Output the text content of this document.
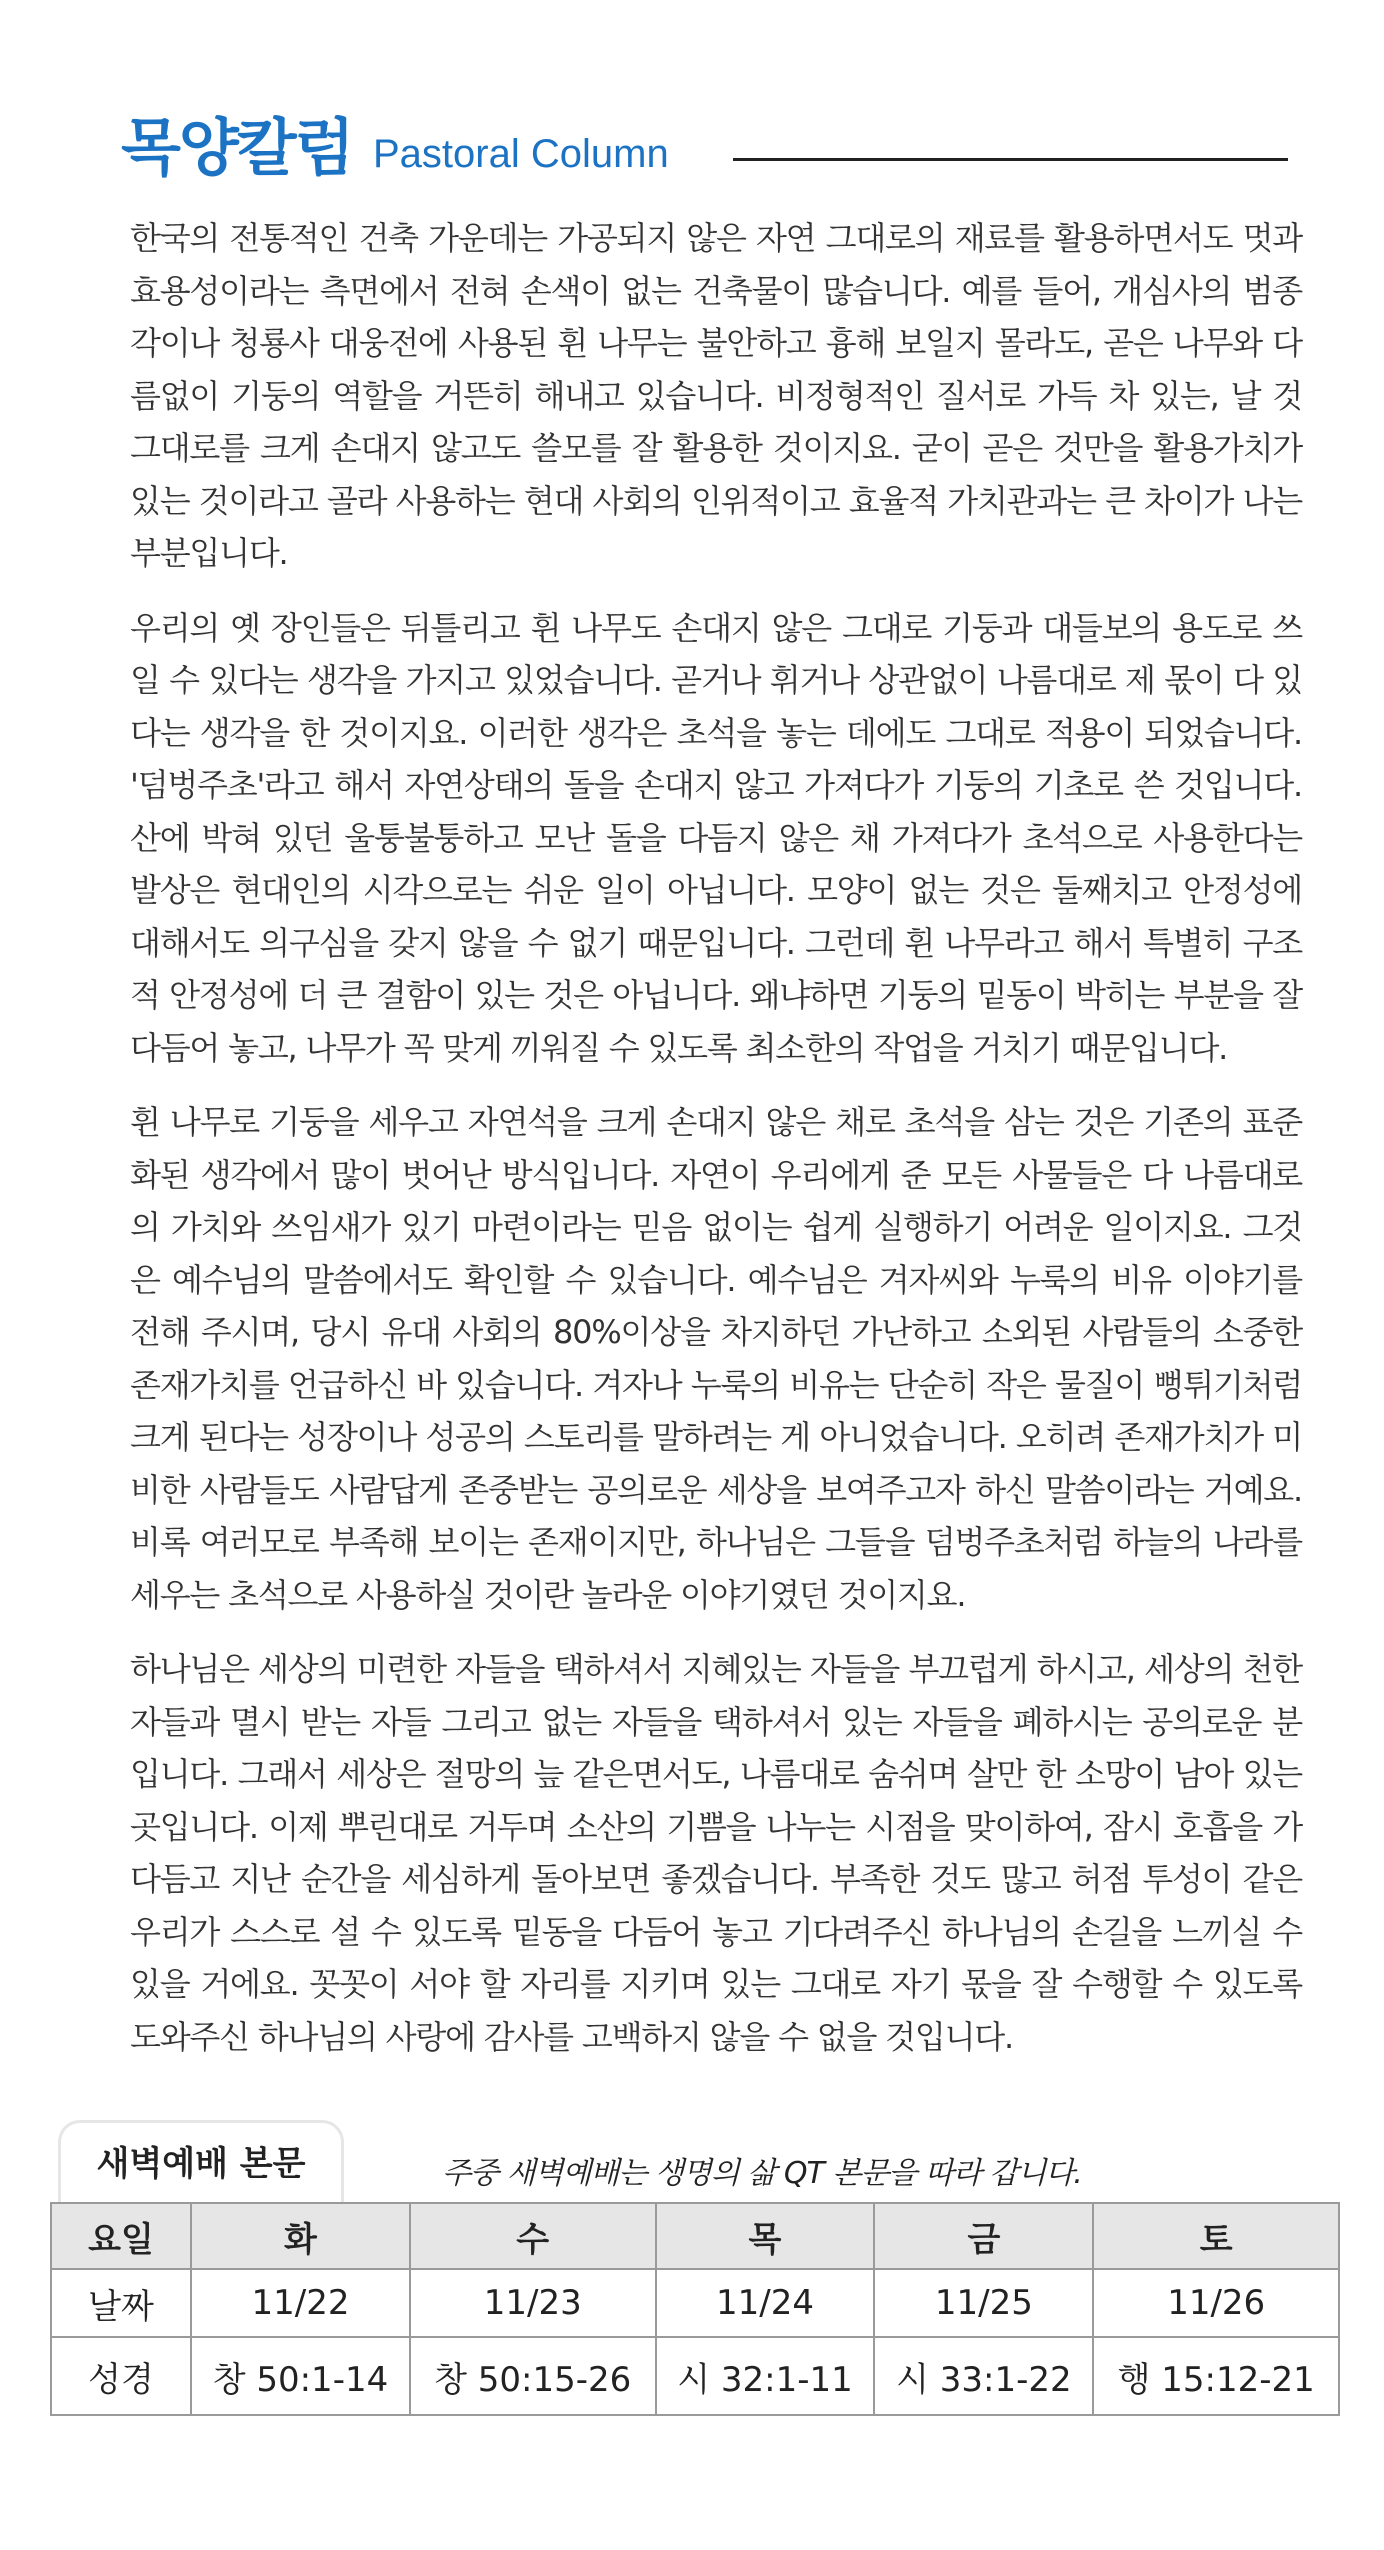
목양칼럼 Pastoral Column

한국의 전통적인 건축 가운데는 가공되지 않은 자연 그대로의 재료를 활용하면서도 멋과 효용성이라는 측면에서 전혀 손색이 없는 건축물이 많습니다. 예를 들어, 개심사의 범종각이나 청룡사 대웅전에 사용된 휜 나무는 불안하고 흉해 보일지 몰라도, 곧은 나무와 다름없이 기둥의 역할을 거뜬히 해내고 있습니다. 비정형적인 질서로 가득 차 있는, 날 것 그대로를 크게 손대지 않고도 쓸모를 잘 활용한 것이지요. 굳이 곧은 것만을 활용가치가 있는 것이라고 골라 사용하는 현대 사회의 인위적이고 효율적 가치관과는 큰 차이가 나는 부분입니다.

우리의 옛 장인들은 뒤틀리고 휜 나무도 손대지 않은 그대로 기둥과 대들보의 용도로 쓰일 수 있다는 생각을 가지고 있었습니다. 곧거나 휘거나 상관없이 나름대로 제 몫이 다 있다는 생각을 한 것이지요. 이러한 생각은 초석을 놓는 데에도 그대로 적용이 되었습니다. '덤벙주초'라고 해서 자연상태의 돌을 손대지 않고 가져다가 기둥의 기초로 쓴 것입니다. 산에 박혀 있던 울퉁불퉁하고 모난 돌을 다듬지 않은 채 가져다가 초석으로 사용한다는 발상은 현대인의 시각으로는 쉬운 일이 아닙니다. 모양이 없는 것은 둘째치고 안정성에 대해서도 의구심을 갖지 않을 수 없기 때문입니다. 그런데 휜 나무라고 해서 특별히 구조적 안정성에 더 큰 결함이 있는 것은 아닙니다. 왜냐하면 기둥의 밑동이 박히는 부분을 잘 다듬어 놓고, 나무가 꼭 맞게 끼워질 수 있도록 최소한의 작업을 거치기 때문입니다.

휜 나무로 기둥을 세우고 자연석을 크게 손대지 않은 채로 초석을 삼는 것은 기존의 표준화된 생각에서 많이 벗어난 방식입니다. 자연이 우리에게 준 모든 사물들은 다 나름대로의 가치와 쓰임새가 있기 마련이라는 믿음 없이는 쉽게 실행하기 어려운 일이지요. 그것은 예수님의 말씀에서도 확인할 수 있습니다. 예수님은 겨자씨와 누룩의 비유 이야기를 전해 주시며, 당시 유대 사회의 80%이상을 차지하던 가난하고 소외된 사람들의 소중한 존재가치를 언급하신 바 있습니다. 겨자나 누룩의 비유는 단순히 작은 물질이 뻥튀기처럼 크게 된다는 성장이나 성공의 스토리를 말하려는 게 아니었습니다. 오히려 존재가치가 미비한 사람들도 사람답게 존중받는 공의로운 세상을 보여주고자 하신 말씀이라는 거예요. 비록 여러모로 부족해 보이는 존재이지만, 하나님은 그들을 덤벙주초처럼 하늘의 나라를 세우는 초석으로 사용하실 것이란 놀라운 이야기였던 것이지요.

하나님은 세상의 미련한 자들을 택하셔서 지혜있는 자들을 부끄럽게 하시고, 세상의 천한 자들과 멸시 받는 자들 그리고 없는 자들을 택하셔서 있는 자들을 폐하시는 공의로운 분입니다. 그래서 세상은 절망의 늪 같은면서도, 나름대로 숨쉬며 살만 한 소망이 남아 있는 곳입니다. 이제 뿌린대로 거두며 소산의 기쁨을 나누는 시점을 맞이하여, 잠시 호흡을 가다듬고 지난 순간을 세심하게 돌아보면 좋겠습니다. 부족한 것도 많고 허점 투성이 같은 우리가 스스로 설 수 있도록 밑동을 다듬어 놓고 기다려주신 하나님의 손길을 느끼실 수 있을 거에요. 꼿꼿이 서야 할 자리를 지키며 있는 그대로 자기 몫을 잘 수행할 수 있도록 도와주신 하나님의 사랑에 감사를 고백하지 않을 수 없을 것입니다.

새벽예배 본문	주중 새벽예배는 생명의 삶 QT 본문을 따라 갑니다.
요일	화	수	목	금	토
날짜	11/22	11/23	11/24	11/25	11/26
성경	창 50:1-14	창 50:15-26	시 32:1-11	시 33:1-22	행 15:12-21
